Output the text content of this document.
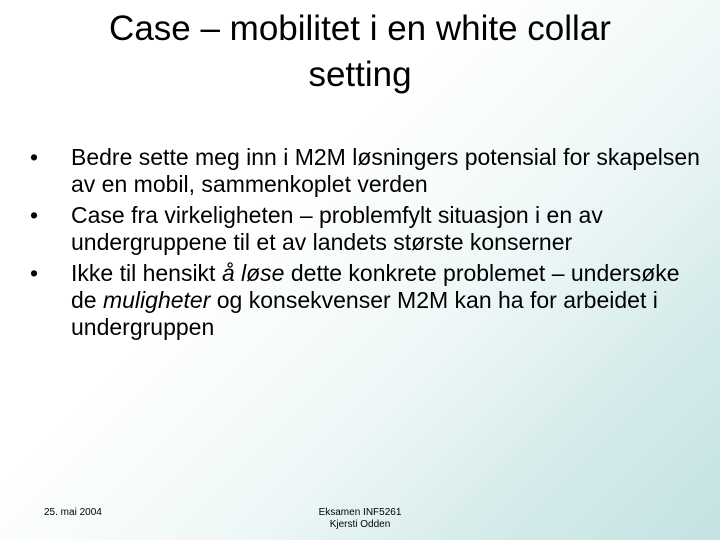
Case – mobilitet i en white collar
setting
•	Bedre sette meg inn i M2M løsningers potensial for skapelsen av en mobil, sammenkoplet verden
•	Case fra virkeligheten – problemfylt situasjon i en av undergruppene til et av landets største konserner
•	Ikke til hensikt å løse dette konkrete problemet – undersøke de muligheter og konsekvenser M2M kan ha for arbeidet i undergruppen
25. mai 2004	Eksamen INF5261
Kjersti Odden
